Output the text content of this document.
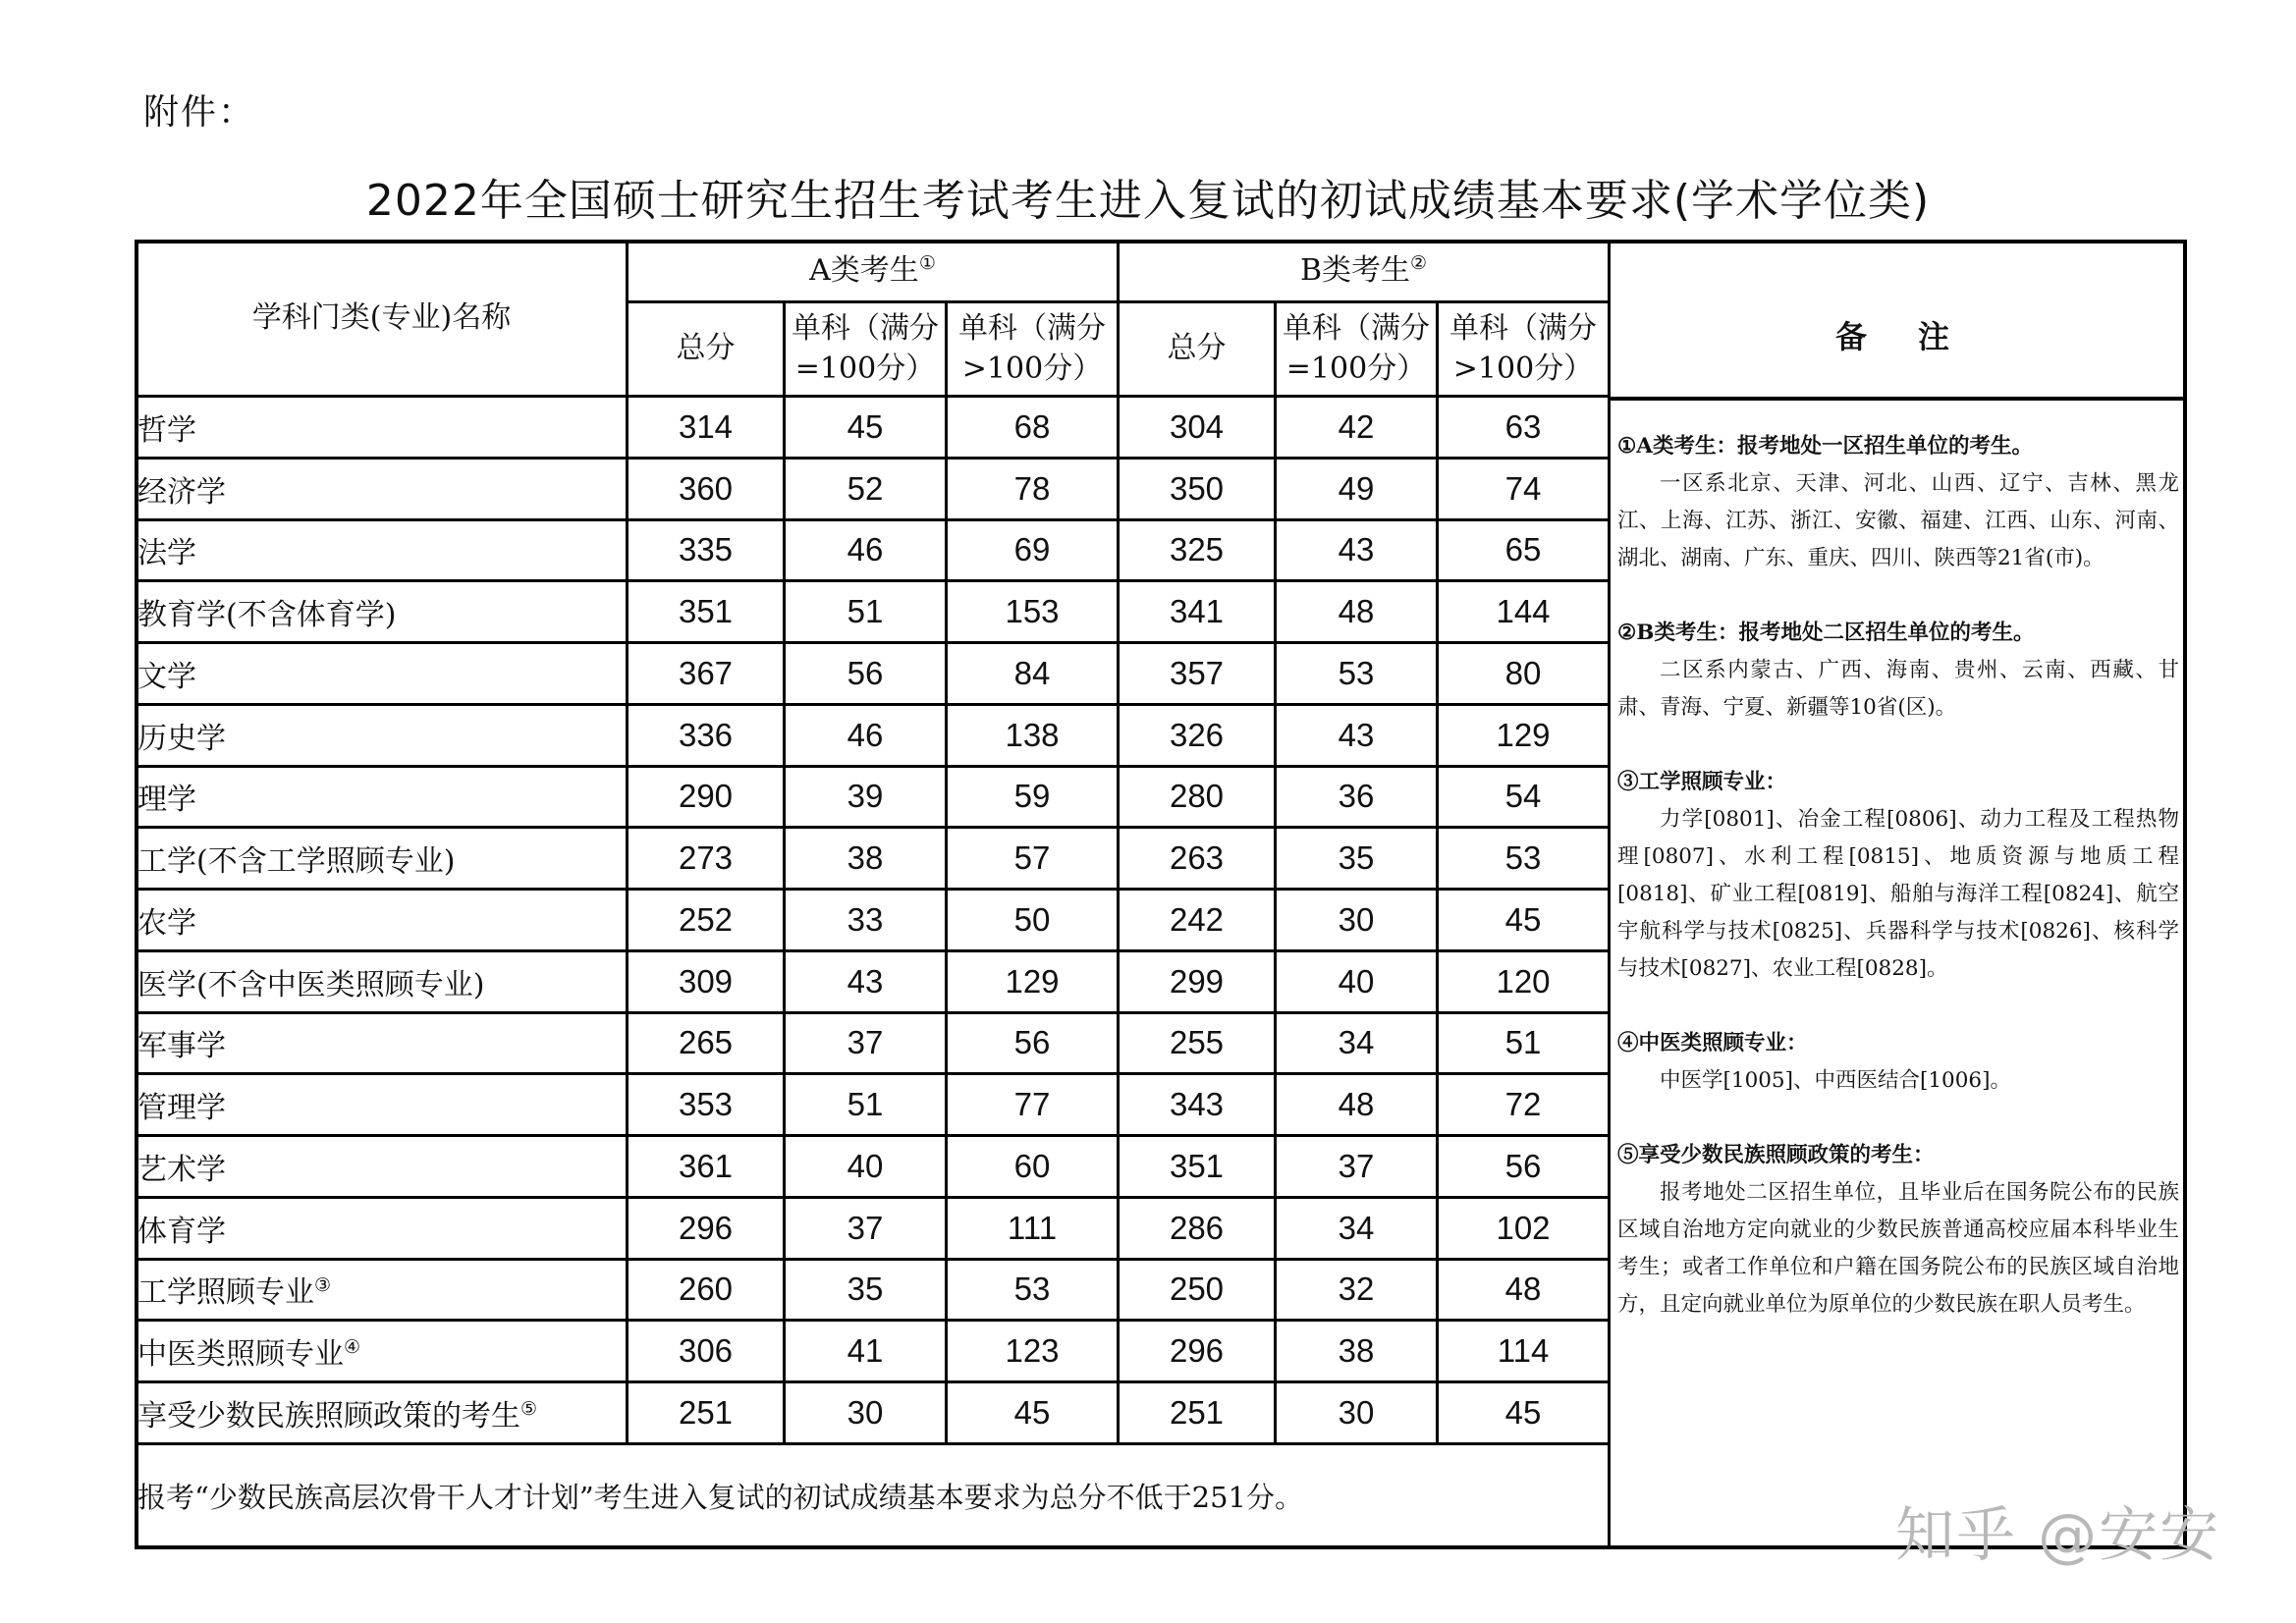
附件：
2022年全国硕士研究生招生考试考生进入复试的初试成绩基本要求(学术学位类)
学科门类(专业)名称	A类考生①			B类考生②
	总分	单科（满分
=100分）	单科（满分
>100分）	总分	单科（满分
=100分）	单科（满分
>100分）
哲学	314	45	68	304	42	63
经济学	360	52	78	350	49	74
法学	335	46	69	325	43	65
教育学(不含体育学)	351	51	153	341	48	144
文学	367	56	84	357	53	80
历史学	336	46	138	326	43	129
理学	290	39	59	280	36	54
工学(不含工学照顾专业)	273	38	57	263	35	53
农学	252	33	50	242	30	45
医学(不含中医类照顾专业)	309	43	129	299	40	120
军事学	265	37	56	255	34	51
管理学	353	51	77	343	48	72
艺术学	361	40	60	351	37	56
体育学	296	37	111	286	34	102
工学照顾专业③	260	35	53	250	32	48
中医类照顾专业④	306	41	123	296	38	114
享受少数民族照顾政策的考生⑤	251	30	45	251	30	45
报考“少数民族高层次骨干人才计划”考生进入复试的初试成绩基本要求为总分不低于251分。						
备　注
①A类考生：报考地处一区招生单位的考生。
一区系北京、天津、河北、山西、辽宁、吉林、黑龙江、上海、江苏、浙江、安徽、福建、江西、山东、河南、湖北、湖南、广东、重庆、四川、陕西等21省(市)。
②B类考生：报考地处二区招生单位的考生。
二区系内蒙古、广西、海南、贵州、云南、西藏、甘肃、青海、宁夏、新疆等10省(区)。
③工学照顾专业：
力学[0801]、冶金工程[0806]、动力工程及工程热物理[0807]、水利工程[0815]、地质资源与地质工程[0818]、矿业工程[0819]、船舶与海洋工程[0824]、航空宇航科学与技术[0825]、兵器科学与技术[0826]、核科学与技术[0827]、农业工程[0828]。
④中医类照顾专业：
中医学[1005]、中西医结合[1006]。
⑤享受少数民族照顾政策的考生：
报考地处二区招生单位，且毕业后在国务院公布的民族区域自治地方定向就业的少数民族普通高校应届本科毕业生考生；或者工作单位和户籍在国务院公布的民族区域自治地方，且定向就业单位为原单位的少数民族在职人员考生。
知乎 @安安
